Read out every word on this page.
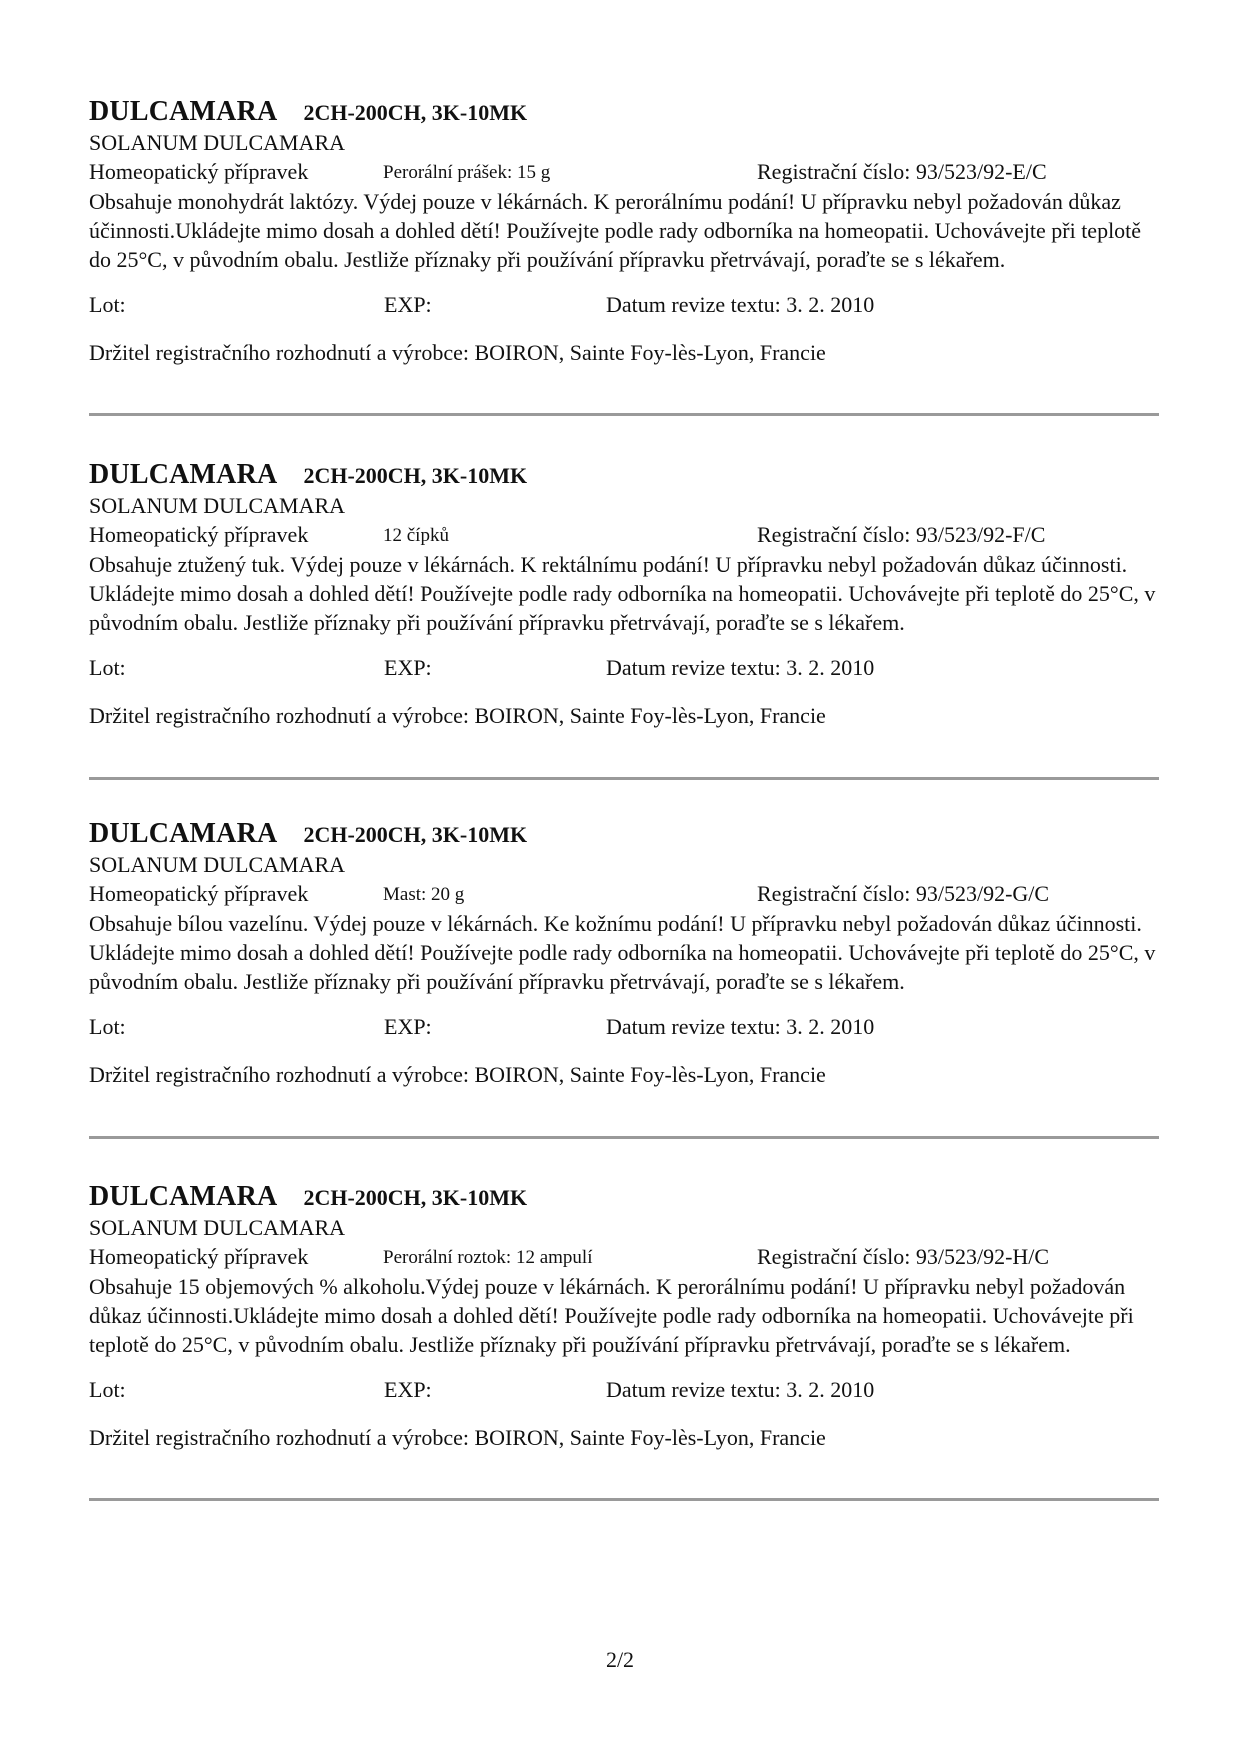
DULCAMARA 2CH-200CH, 3K-10MK
SOLANUM DULCAMARA
Homeopatický přípravek	Perorální prášek: 15 g	Registrační číslo: 93/523/92-E/C

Obsahuje monohydrát laktózy. Výdej pouze v lékárnách. K perorálnímu podání! U přípravku nebyl požadován důkaz účinnosti.Ukládejte mimo dosah a dohled dětí! Používejte podle rady odborníka na homeopatii. Uchovávejte při teplotě do 25°C, v původním obalu. Jestliže příznaky při používání přípravku přetrvávají, poraďte se s lékařem.

Lot:	EXP:	Datum revize textu: 3. 2. 2010
Držitel registračního rozhodnutí a výrobce: BOIRON, Sainte Foy-lès-Lyon, Francie
DULCAMARA 2CH-200CH, 3K-10MK
SOLANUM DULCAMARA
Homeopatický přípravek	12 čípků	Registrační číslo: 93/523/92-F/C

Obsahuje ztužený tuk. Výdej pouze v lékárnách. K rektálnímu podání! U přípravku nebyl požadován důkaz účinnosti. Ukládejte mimo dosah a dohled dětí! Používejte podle rady odborníka na homeopatii. Uchovávejte při teplotě do 25°C, v původním obalu. Jestliže příznaky při používání přípravku přetrvávají, poraďte se s lékařem.

Lot:	EXP:	Datum revize textu: 3. 2. 2010
Držitel registračního rozhodnutí a výrobce: BOIRON, Sainte Foy-lès-Lyon, Francie
DULCAMARA 2CH-200CH, 3K-10MK
SOLANUM DULCAMARA
Homeopatický přípravek	Mast: 20 g	Registrační číslo: 93/523/92-G/C

Obsahuje bílou vazelínu. Výdej pouze v lékárnách. Ke kožnímu podání! U přípravku nebyl požadován důkaz účinnosti. Ukládejte mimo dosah a dohled dětí! Používejte podle rady odborníka na homeopatii. Uchovávejte při teplotě do 25°C, v původním obalu. Jestliže příznaky při používání přípravku přetrvávají, poraďte se s lékařem.

Lot:	EXP:	Datum revize textu: 3. 2. 2010
Držitel registračního rozhodnutí a výrobce: BOIRON, Sainte Foy-lès-Lyon, Francie
DULCAMARA 2CH-200CH, 3K-10MK
SOLANUM DULCAMARA
Homeopatický přípravek	Perorální roztok: 12 ampulí	Registrační číslo: 93/523/92-H/C

Obsahuje 15 objemových % alkoholu.Výdej pouze v lékárnách. K perorálnímu podání! U přípravku nebyl požadován důkaz účinnosti.Ukládejte mimo dosah a dohled dětí! Používejte podle rady odborníka na homeopatii. Uchovávejte při teplotě do 25°C, v původním obalu. Jestliže příznaky při používání přípravku přetrvávají, poraďte se s lékařem.

Lot:	EXP:	Datum revize textu: 3. 2. 2010
Držitel registračního rozhodnutí a výrobce: BOIRON, Sainte Foy-lès-Lyon, Francie
2/2
